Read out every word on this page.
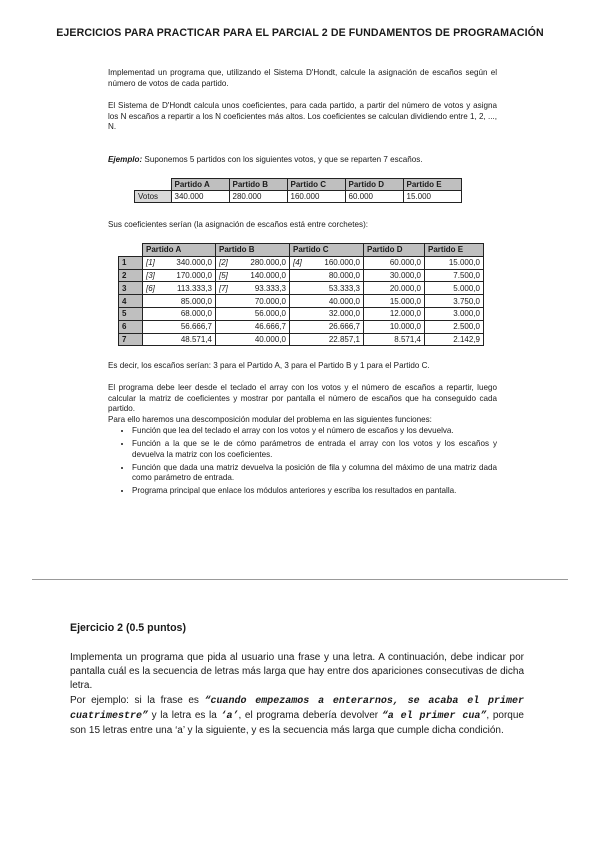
EJERCICIOS PARA PRACTICAR PARA EL PARCIAL 2 DE FUNDAMENTOS DE PROGRAMACIÓN

Implementad un programa que, utilizando el Sistema D'Hondt, calcule la asignación de escaños según el número de votos de cada partido.

El Sistema de D'Hondt calcula unos coeficientes, para cada partido, a partir del número de votos y asigna los N escaños a repartir a los N coeficientes más altos. Los coeficientes se calculan dividiendo entre 1, 2, ..., N.

Ejemplo: Suponemos 5 partidos con los siguientes votos, y que se reparten 7 escaños.

	Partido A	Partido B	Partido C	Partido D	Partido E
Votos	340.000	280.000	160.000	60.000	15.000

Sus coeficientes serían (la asignación de escaños está entre corchetes):

	Partido A	Partido B	Partido C	Partido D	Partido E
1	[1] 340.000,0	[2] 280.000,0	[4] 160.000,0	60.000,0	15.000,0
2	[3] 170.000,0	[5] 140.000,0	80.000,0	30.000,0	7.500,0
3	[6] 113.333,3	[7] 93.333,3	53.333,3	20.000,0	5.000,0
4	85.000,0	70.000,0	40.000,0	15.000,0	3.750,0
5	68.000,0	56.000,0	32.000,0	12.000,0	3.000,0
6	56.666,7	46.666,7	26.666,7	10.000,0	2.500,0
7	48.571,4	40.000,0	22.857,1	8.571,4	2.142,9

Es decir, los escaños serían: 3 para el Partido A, 3 para el Partido B y 1 para el Partido C.

El programa debe leer desde el teclado el array con los votos y el número de escaños a repartir, luego calcular la matriz de coeficientes y mostrar por pantalla el número de escaños que ha conseguido cada partido.

Para ello haremos una descomposición modular del problema en las siguientes funciones:

• Función que lea del teclado el array con los votos y el número de escaños y los devuelva.
• Función a la que se le de cómo parámetros de entrada el array con los votos y los escaños y devuelva la matriz con los coeficientes.
• Función que dada una matriz devuelva la posición de fila y columna del máximo de una matriz dada como parámetro de entrada.
• Programa principal que enlace los módulos anteriores y escriba los resultados en pantalla.
Ejercicio 2 (0.5 puntos)

Implementa un programa que pida al usuario una frase y una letra. A continuación, debe indicar por pantalla cuál es la secuencia de letras más larga que hay entre dos apariciones consecutivas de dicha letra.

Por ejemplo: si la frase es “cuando empezamos a enterarnos, se acaba el primer cuatrimestre” y la letra es la ‘a’, el programa debería devolver “a el primer cua”, porque son 15 letras entre una ‘a’ y la siguiente, y es la secuencia más larga que cumple dicha condición.
